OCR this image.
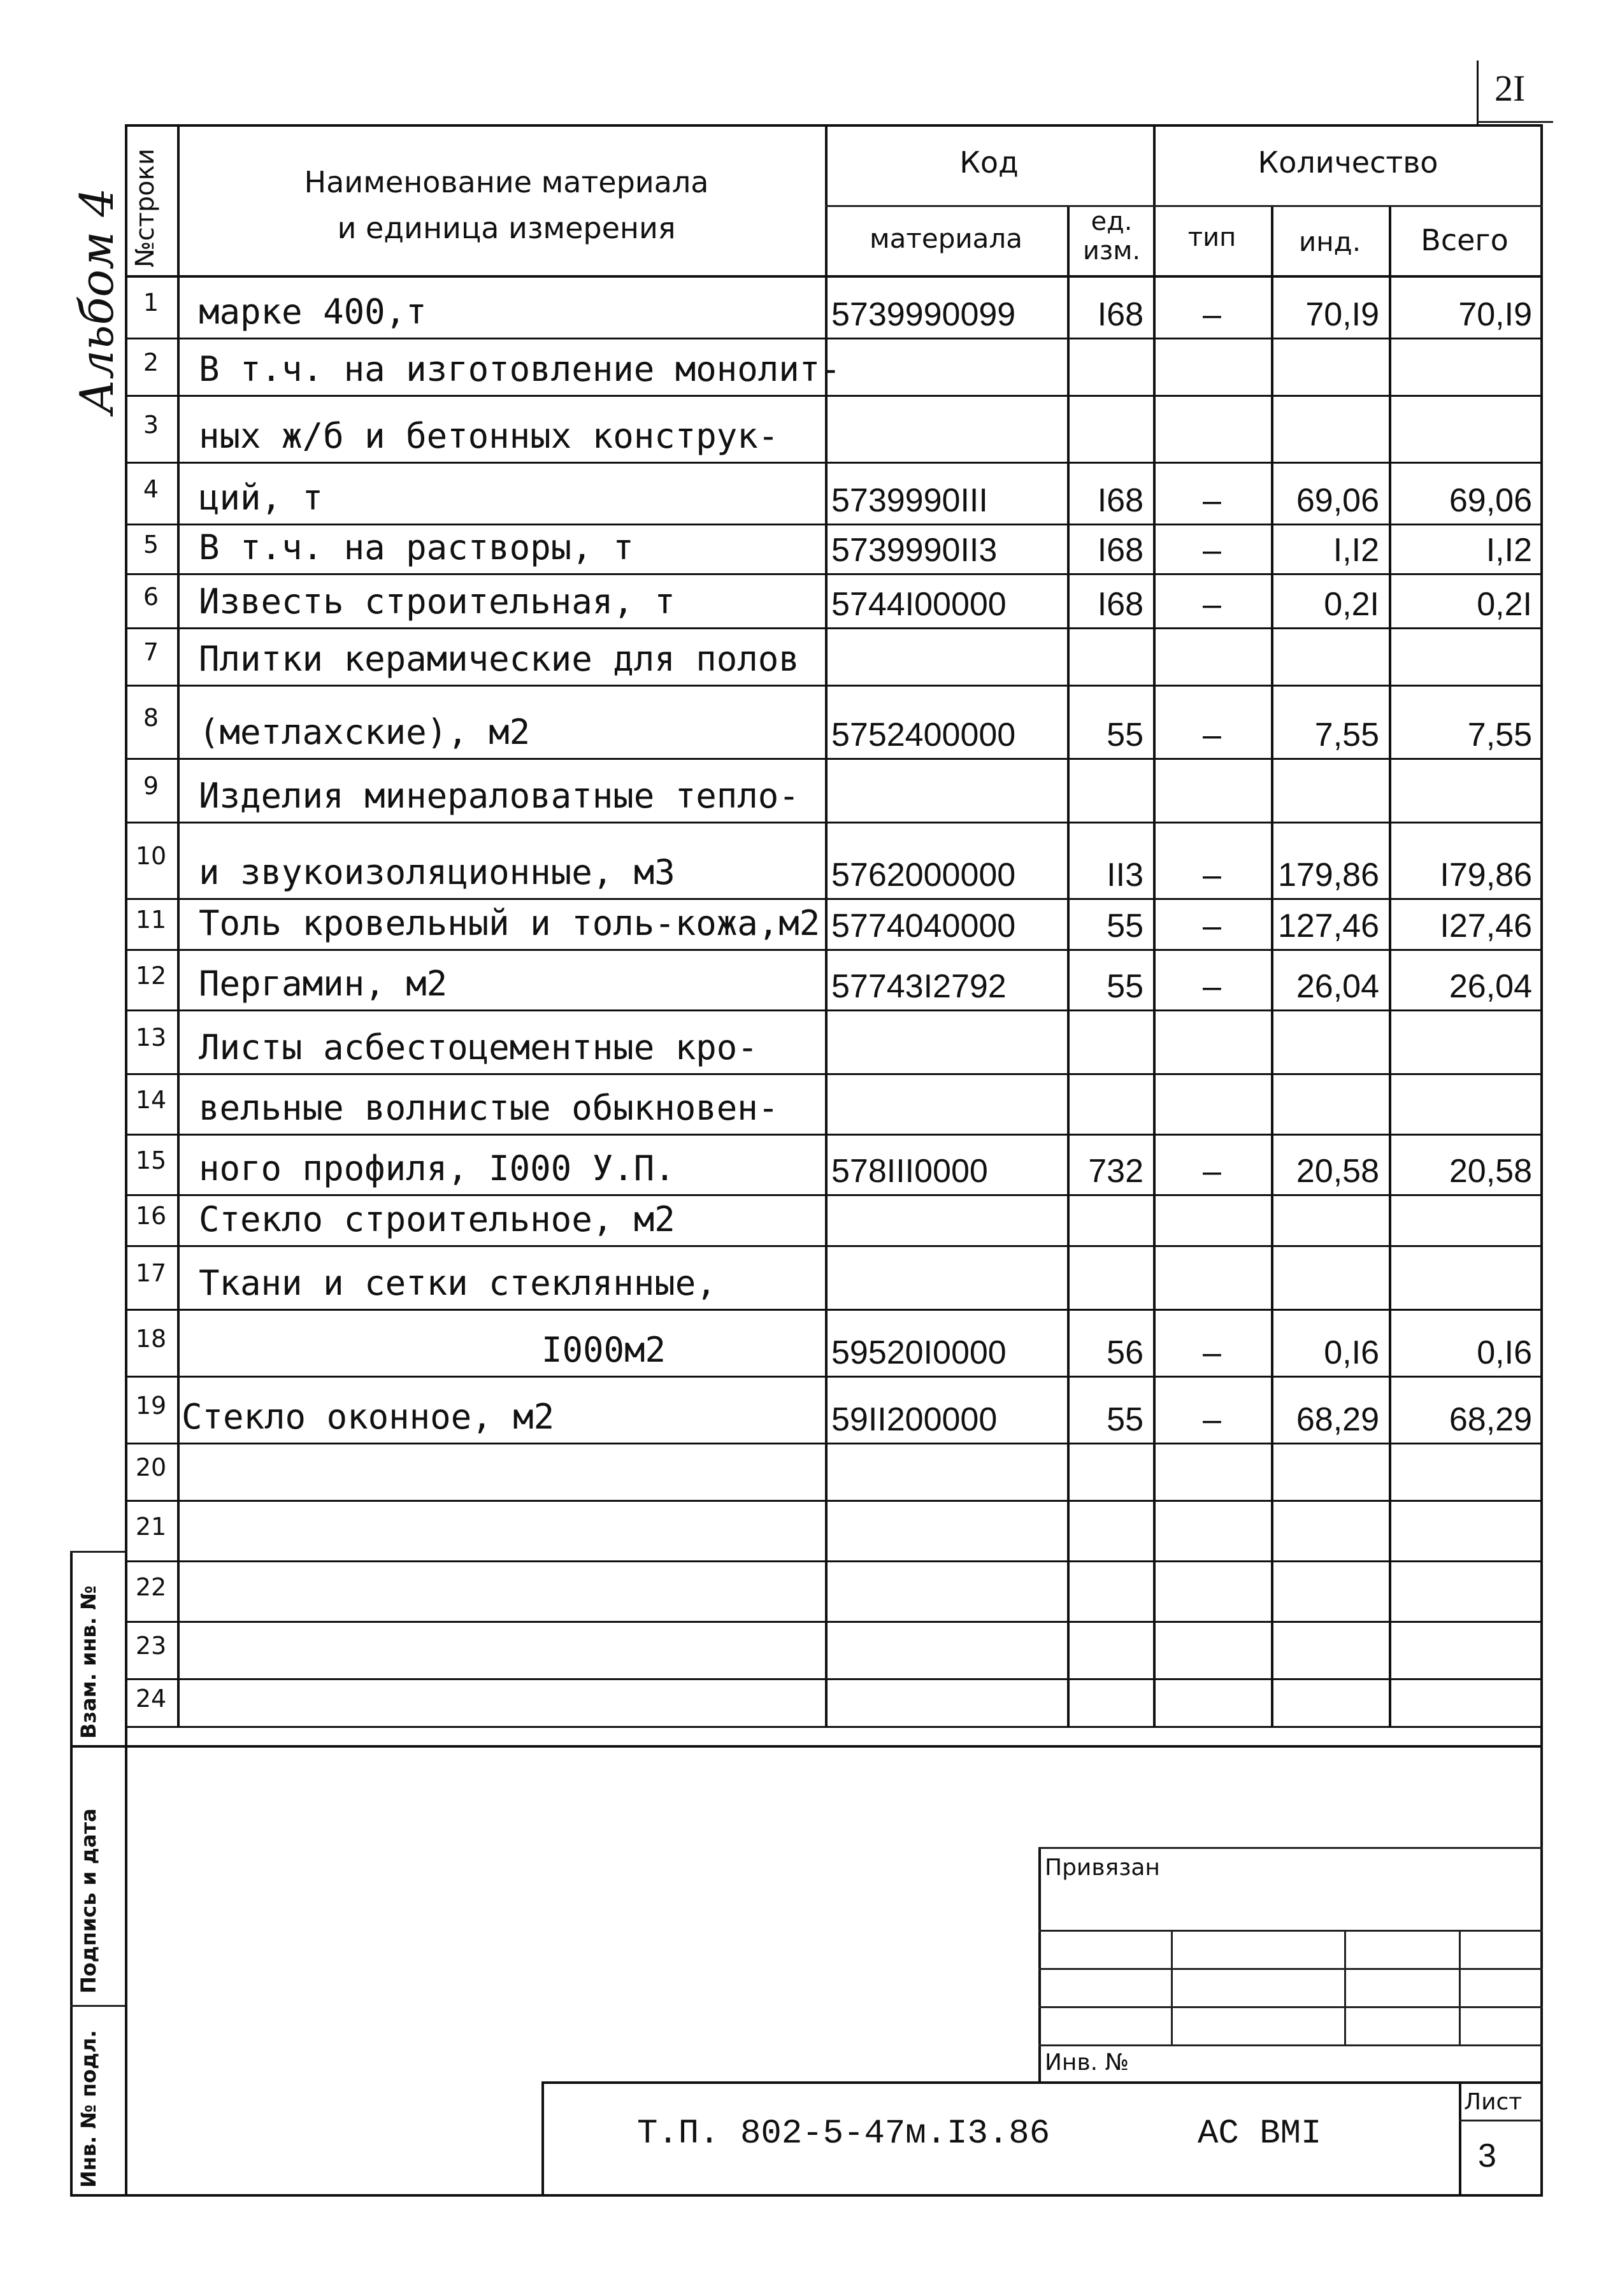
2I
Альбом 4 №строки	Наименование материала
и единица измерения
Код	Количество
материала
ед. изм.	тип	инд.	Всего
1	марке 400,т	5739990099	I68	–	70,I9	70,I9
2	В т.ч. на изготовление монолит-
3	ных ж/б и бетонных конструк-
4	ций, т	5739990III	I68	–	69,06	69,06
5	В т.ч. на растворы, т	5739990II3	I68	–	I,I2	I,I2
6	Известь строительная, т	5744I00000	I68	–	0,2I	0,2I
7	Плитки керамические для полов
8	(метлахские), м2	5752400000	55	–	7,55	7,55
9	Изделия минераловатные тепло-
10 и звукоизоляционные, м3	5762000000	II3	–	179,86	I79,86
11 Толь кровельный и толь-кожа,м2 5774040000	55	–	127,46	I27,46
12 Пергамин, м2	57743I2792	55	–	26,04	26,04
13 Листы асбестоцементные кро-
14 вельные волнистые обыкновен-
15 ного профиля, I000 У.П.	578III0000	732	–	20,58	20,58
16 Стекло строительное, м2
17 Ткани и сетки стеклянные,
18	I000м2	59520I0000	56	–	0,I6	0,I6
19 Стекло оконное, м2	59II200000	55	–	68,29	68,29
20
21
22
23
24
Взам. инв. №
Подпись и дата
Инв. № подл.
Привязан
Инв. №
Т.П. 802-5-47м.I3.86	АС ВМI
Лист
3
